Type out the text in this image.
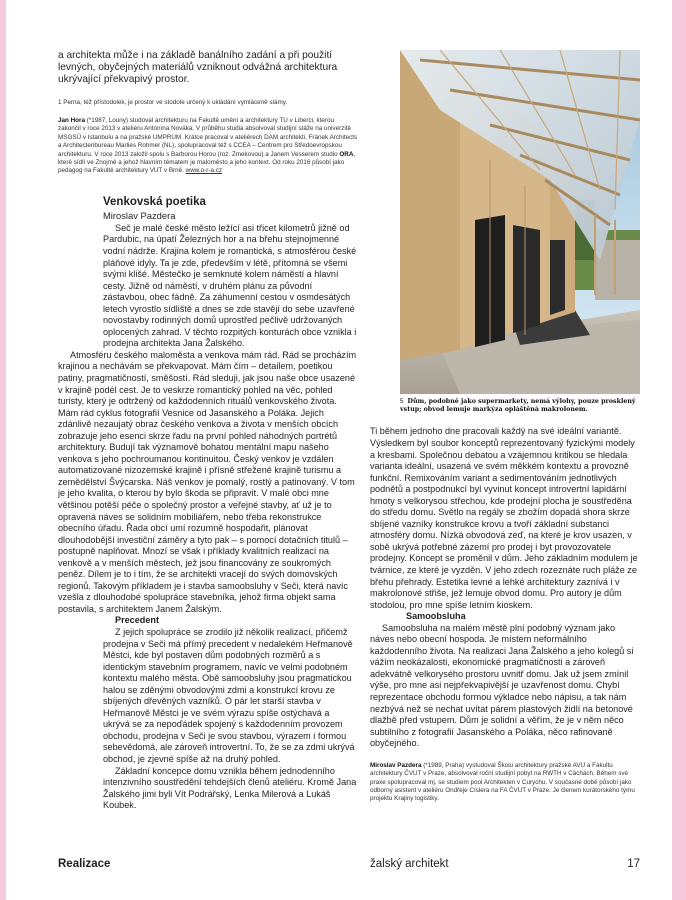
a architekta může i na základě banálního zadání a při použití levných, obyčejných materiálů vzniknout odvážná architektura ukrývající překvapivý prostor.

1 Perna, též přístodolek, je prostor ve stodole určený k ukládání vymláceně slámy.

Jan Hora (*1987, Louny) studoval architekturu na Fakultě umění a architektury TU v Liberci, kterou zakončil v roce 2013 v ateliéru Antonína Nováka. V průběhu studia absolvoval studijní stáže na univerzitě MSGSÜ v Istanbulu a na pražské UMPRUM. Krátce pracoval v ateliérech DAM architekti, Fránek Architects a Architectenbureau Marlies Rohmer (NL), spolupracoval též s CCEA – Centrem pro Středoevropskou architekturu. V roce 2013 založil spolu s Barborou Horou (roz. Zmekovou) a Janem Vesserem studio ORA, které sídlí ve Znojmě a jehož hlavním tématem je maloměsto a jeho kontext. Od roku 2016 působí jako pedagog na Fakultě architektury VUT v Brně. www.o-r-a.cz

Venkovská poetika

Miroslav Pazdera

Seč je malé české město ležící asi třicet kilometrů jižně od Pardubic, na úpatí Železných hor a na břehu stejnojmenné vodní nádrže. Krajina kolem je romantická, s atmosférou české pláňové idyly. Ta je zde, především v létě, přítomná se všemi svými klišé. Městečko je semknuté kolem náměstí a hlavní cesty. Jižně od náměstí, v druhém plánu za původní zástavbou, obec fádně. Za záhumenní cestou v osmdesátých letech vyrostlo sídliště a dnes se zde stavějí do sebe uzavřené novostavby rodinných domů uprostřed pečlivě udržovaných oplocených zahrad. V těchto rozpitých konturách obce vznikla i prodejna architekta Jana Žalského.

Atmosféru českého maloměsta a venkova mám rád. Rád se procházím krajinou a nechávám se překvapovat. Mám čím – detailem, poetikou patiny, pragmatičností, směšostí. Rád sleduji, jak jsou naše obce usazené v krajině podél cest. Je to veskrze romantický pohled na věc, pohled turisty, který je odtržený od každodenních rituálů venkovského života. Mám rád cyklus fotografií Vesnice od Jasanského a Poláka. Jejich zdánlivě nezaujatý obraz českého venkova a života v menších obcích zobrazuje jeho esenci skrze řadu na první pohled náhodných portrétů architektury. Budují tak významově bohatou mentální mapu našeho venkova s jeho pochroumanou kontinuitou. Český venkov je vzdálen automatizované nizozemské krajině i přísně střežené krajině turismu a zemědělství Švýcarska. Náš venkov je pomalý, rostlý a patinovaný. V tom je jeho kvalita, o kterou by bylo škoda se připravit. V malé obci mne většinou potěší péče o společný prostor a veřejné stavby, ať už je to opravená náves se solidním mobiliářem, nebo třeba rekonstrukce obecního úřadu. Řada obcí umí rozumně hospodařit, plánovat dlouhodobější investiční záměry a tyto pak – s pomocí dotačních titulů – postupně naplňovat. Mnozí se však i příklady kvalitních realizací na venkově a v menších městech, jež jsou financovány ze soukromých peněz. Dílem je to i tím, že se architekti vracejí do svých domovských regionů. Takovým příkladem je i stavba samoobsluhy v Seči, která navíc vzešla z dlouhodobé spolupráce stavebníka, jehož firma objekt sama postavila, s architektem Janem Žalským.

Precedent

Z jejich spolupráce se zrodilo již několik realizací, přičemž prodejna v Seči má přímý precedent v nedalekém Heřmanově Městci, kde byl postaven dům podobných rozměrů a s identickým stavebním programem, navíc ve velmi podobném kontextu malého města. Obě samoobsluhy jsou pragmatickou halou se zděnými obvodovými zdmi a konstrukcí krovu ze sbíjených dřevěných vazníků. O pár let starší stavba v Heřmanově Městci je ve svém výrazu spíše ostýchavá a ukrývá se za nepoďádek spojený s každodenním provozem obchodu, prodejna v Seči je svou stavbou, výrazem i formou sebevědomá, ale zároveň introvertní. To, že se za zdmi ukrývá obchod, je zjevné spíše až na druhý pohled.

Základní koncepce domu vznikla během jednodenního intenzivního soustředění tehdejších členů ateliéru. Kromě Jana Žalského jimi byli Vít Podrářský, Lenka Milerová a Lukáš Koubek.

5 Dům, podobně jako supermarkety, nemá výlohy, pouze prosklený vstup; obvod lemuje markýza opláštěná makrolonem.

Ti během jednoho dne pracovali každý na své ideální variantě. Výsledkem byl soubor konceptů reprezentovaný fyzickými modely a kresbami. Společnou debatou a vzájemnou kritikou se hledala varianta ideální, usazená ve svém měkkém kontextu a provozně funkční. Remixováním variant a sedimentováním jednotlivých podnětů a postpodnukcí byl vyvinut koncept introvertní lapidární hmoty s velkorysou střechou, kde prodejní plocha je soustředěna do středu domu. Světlo na regály se zbožím dopadá shora skrze sbíjené vazníky konstrukce krovu a tvoří základní substanci atmosféry domu. Nízká obvodová zeď, na které je krov usazen, v sobě ukrývá potřebné zázemí pro prodej i byt provozovatele prodejny. Koncept se proměnil v dům. Jeho základním modulem je tvárnice, ze které je vyzděn. V jeho zdech rozeznáte ruch pláže ze břehu přehrady. Estetika levné a lehké architektury zaznívá i v makrolonové střiše, jež lemuje obvod domu. Pro autory je dům stodolou, pro mne spíše letním kioskem.

Samoobsluha

Samoobsluha na malém městě plní podobný význam jako náves nebo obecní hospoda. Je místem neformálního každodenního života. Na realizaci Jana Žalského a jeho kolegů si vážím neokázalosti, ekonomické pragmatičnosti a zároveň adekvátně velkorysého prostoru uvnitř domu. Jak už jsem zmínil výše, pro mne asi nejpřekvapivější je uzavřenost domu. Chybí reprezentace obchodu formou výkladce nebo nápisu, a tak nám nezbývá než se nechat uvítat párem plastových židlí na betonové dlažbě před vstupem. Dům je solidní a věřím, že je v něm něco subtilního z fotografií Jasanského a Poláka, něco rafinovaně obyčejného.

Miroslav Pazdera (*1989, Praha) vystudoval Školu architektury pražské AVU a Fakultu architektury ČVUT v Praze, absolvoval roční studijní pobyt na RWTH v Cáchách. Během své praxe spolupracoval mj. se studiem pool Architekten v Curychu. V současné době působí jako odborný asistent v ateliéru Ondřeje Císlera na FA ČVUT v Praze. Je členem kurátorského týmu projektu Krajiny logistiky.

Realizace	žalský architekt	17
